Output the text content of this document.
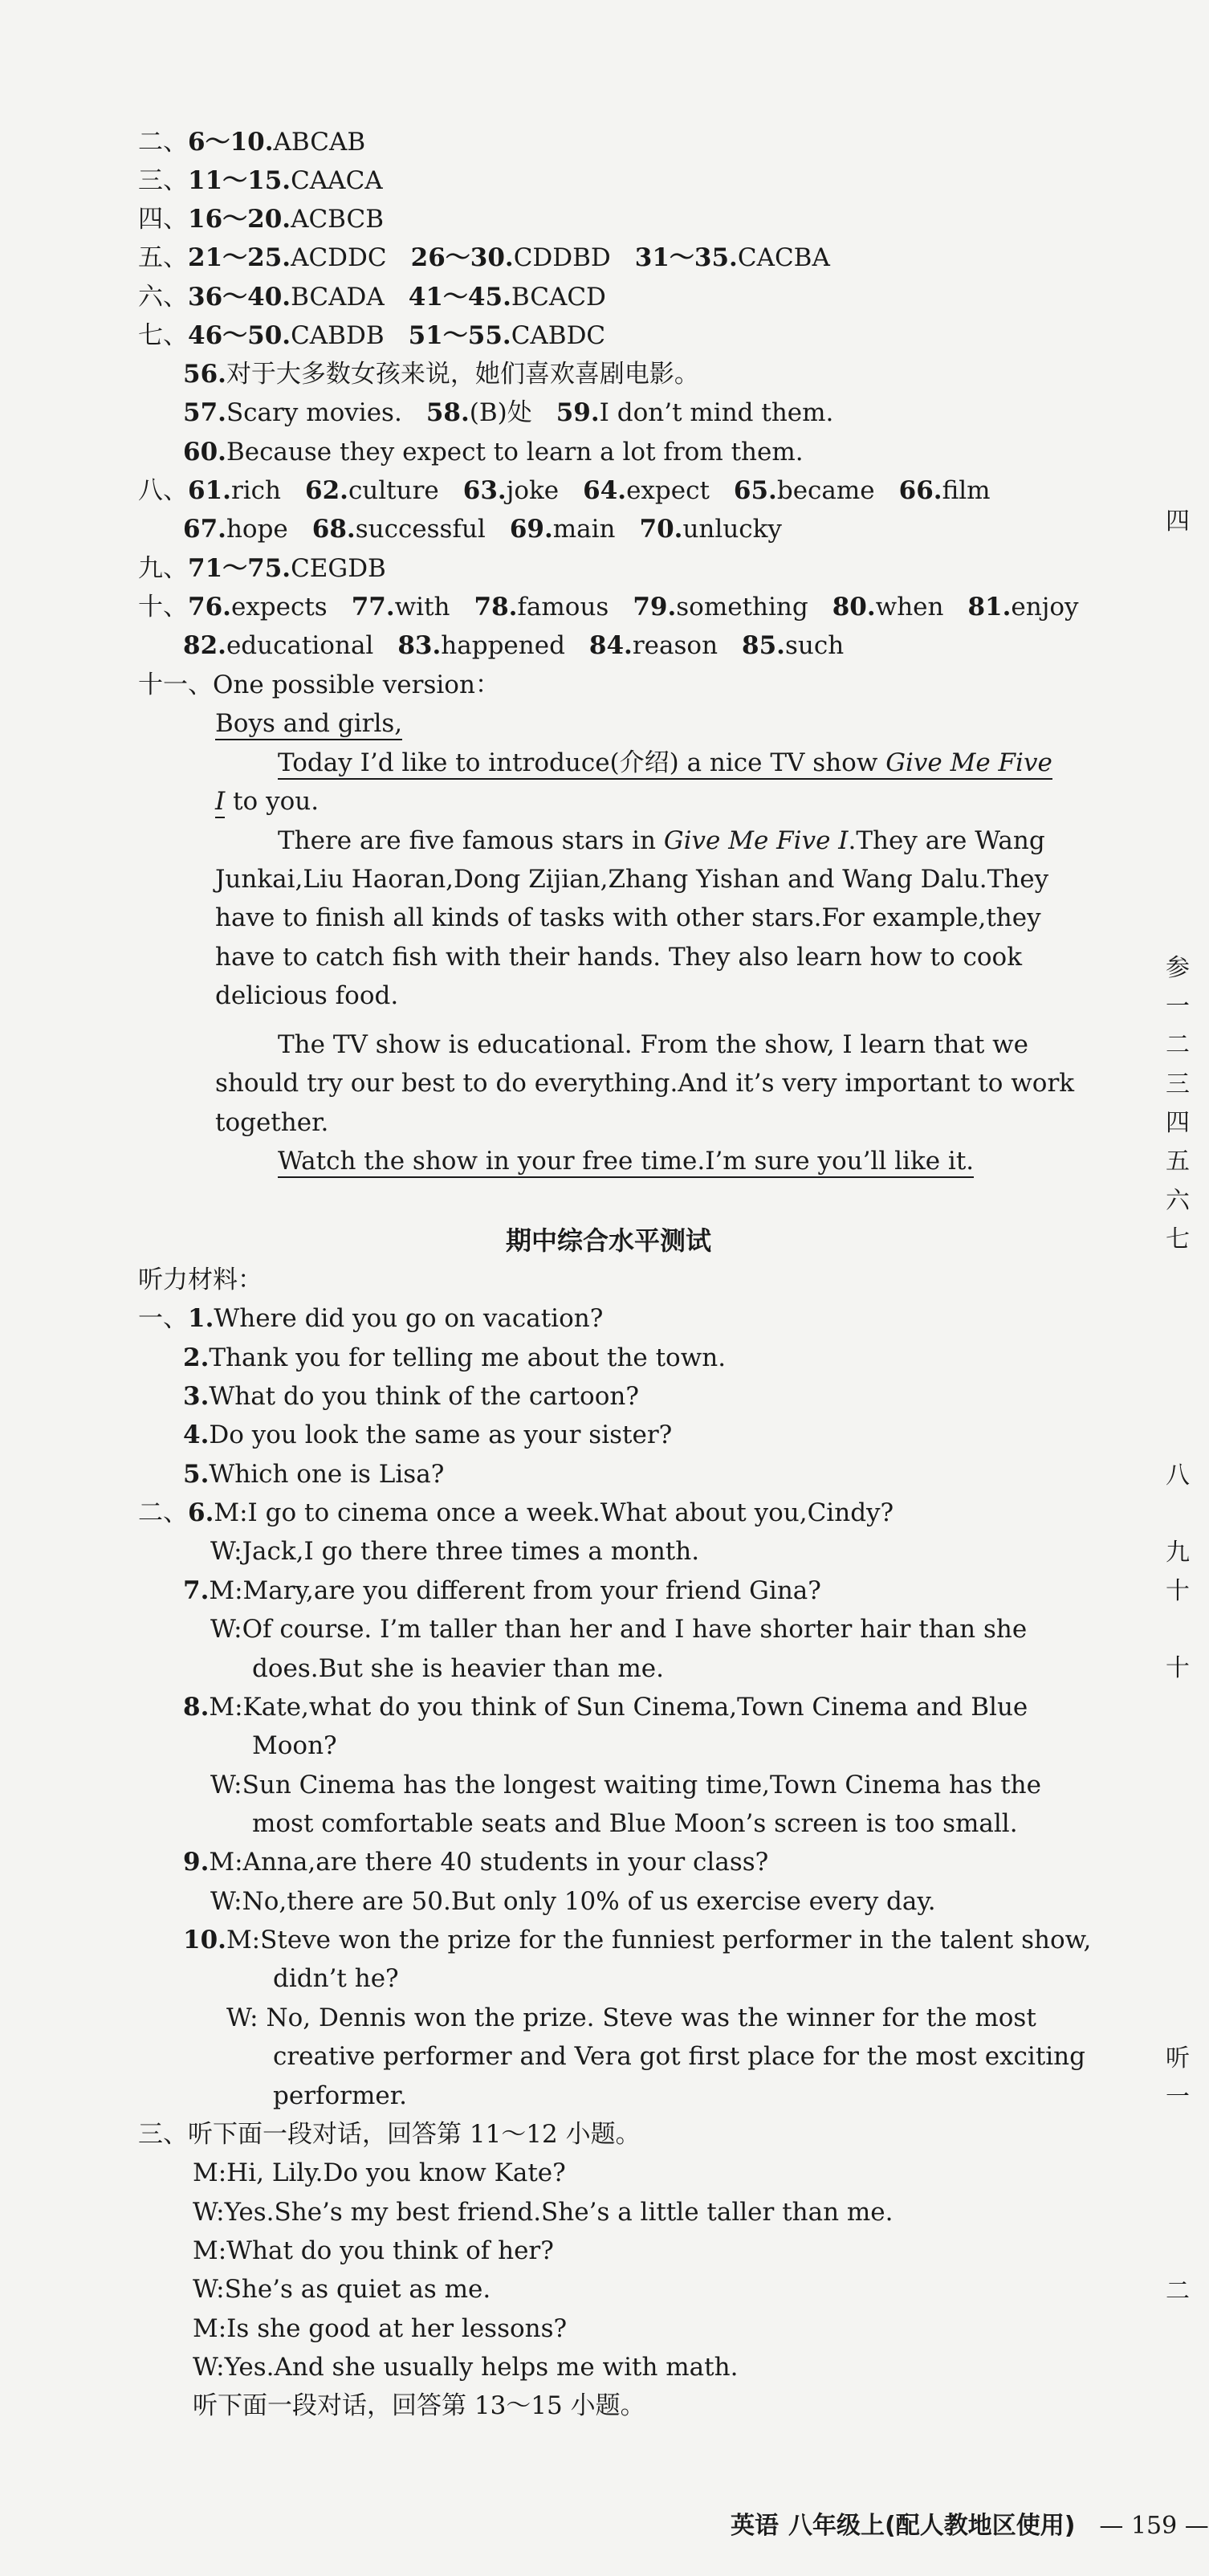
二、6～10.ABCAB
三、11～15.CAACA
四、16～20.ACBCB
五、21～25.ACDDC 26～30.CDDBD 31～35.CACBA
六、36～40.BCADA 41～45.BCACD
七、46～50.CABDB 51～55.CABDC
56.对于大多数女孩来说，她们喜欢喜剧电影。
57.Scary movies. 58.(B)处 59.I don’t mind them.
60.Because they expect to learn a lot from them.
八、61.rich 62.culture 63.joke 64.expect 65.became 66.film
67.hope 68.successful 69.main 70.unlucky
九、71～75.CEGDB
十、76.expects 77.with 78.famous 79.something 80.when 81.enjoy
82.educational 83.happened 84.reason 85.such
十一、One possible version：
Boys and girls,
Today I’d like to introduce(介绍) a nice TV show Give Me Five
I to you.
There are five famous stars in Give Me Five I.They are Wang
Junkai,Liu Haoran,Dong Zijian,Zhang Yishan and Wang Dalu.They
have to finish all kinds of tasks with other stars.For example,they
have to catch fish with their hands. They also learn how to cook
delicious food.
The TV show is educational. From the show, I learn that we
should try our best to do everything.And it’s very important to work
together.
Watch the show in your free time.I’m sure you’ll like it.
期中综合水平测试
听力材料：
一、1.Where did you go on vacation?
2.Thank you for telling me about the town.
3.What do you think of the cartoon?
4.Do you look the same as your sister?
5.Which one is Lisa?
二、6.M:I go to cinema once a week.What about you,Cindy?
W:Jack,I go there three times a month.
7.M:Mary,are you different from your friend Gina?
W:Of course. I’m taller than her and I have shorter hair than she
does.But she is heavier than me.
8.M:Kate,what do you think of Sun Cinema,Town Cinema and Blue
Moon?
W:Sun Cinema has the longest waiting time,Town Cinema has the
most comfortable seats and Blue Moon’s screen is too small.
9.M:Anna,are there 40 students in your class?
W:No,there are 50.But only 10% of us exercise every day.
10.M:Steve won the prize for the funniest performer in the talent show,
didn’t he?
W: No, Dennis won the prize. Steve was the winner for the most
creative performer and Vera got first place for the most exciting
performer.
三、听下面一段对话，回答第 11～12 小题。
M:Hi, Lily.Do you know Kate?
W:Yes.She’s my best friend.She’s a little taller than me.
M:What do you think of her?
W:She’s as quiet as me.
M:Is she good at her lessons?
W:Yes.And she usually helps me with math.
听下面一段对话，回答第 13～15 小题。
四
参
一
二
三
四
五
六
七
八
九
十
十
听
一
二
英语 八年级上(配人教地区使用) — 159 —
